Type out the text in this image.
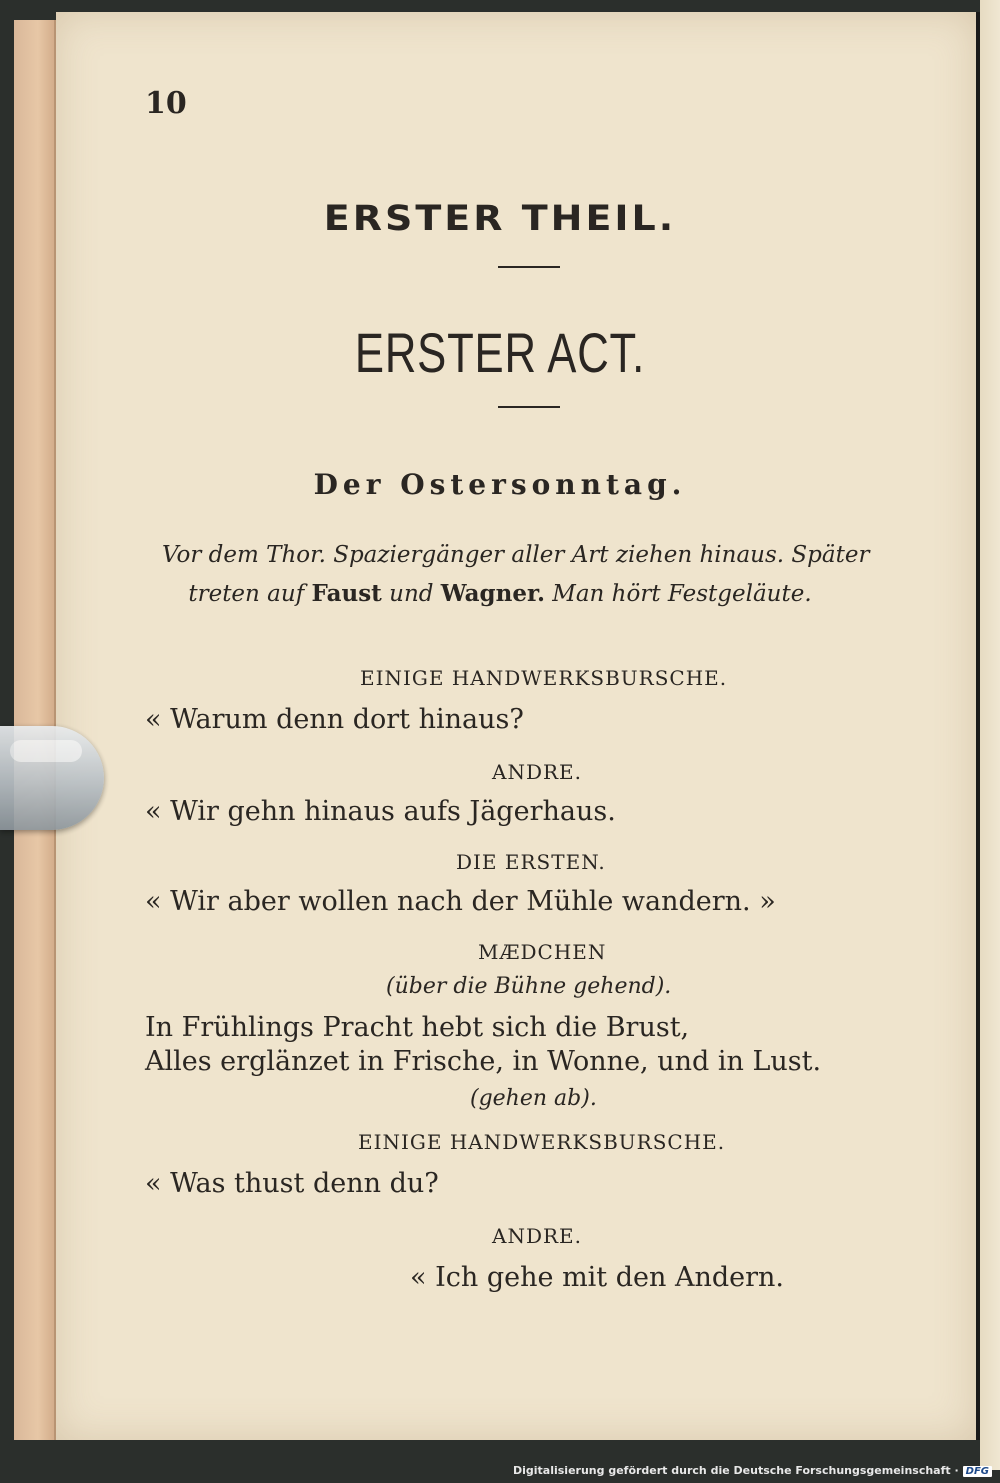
10
ERSTER THEIL.
ERSTER ACT.
Der Ostersonntag.
Vor dem Thor. Spaziergänger aller Art ziehen hinaus. Später
treten auf Faust und Wagner. Man hört Festgeläute.
EINIGE HANDWERKSBURSCHE.
« Warum denn dort hinaus?
ANDRE.
« Wir gehn hinaus aufs Jägerhaus.
DIE ERSTEN.
« Wir aber wollen nach der Mühle wandern. »
MÆDCHEN
(über die Bühne gehend).
In Frühlings Pracht hebt sich die Brust,
Alles erglänzet in Frische, in Wonne, und in Lust.
(gehen ab).
EINIGE HANDWERKSBURSCHE.
« Was thust denn du?
ANDRE.
« Ich gehe mit den Andern.
Digitalisierung gefördert durch die Deutsche Forschungsgemeinschaft · DFG
